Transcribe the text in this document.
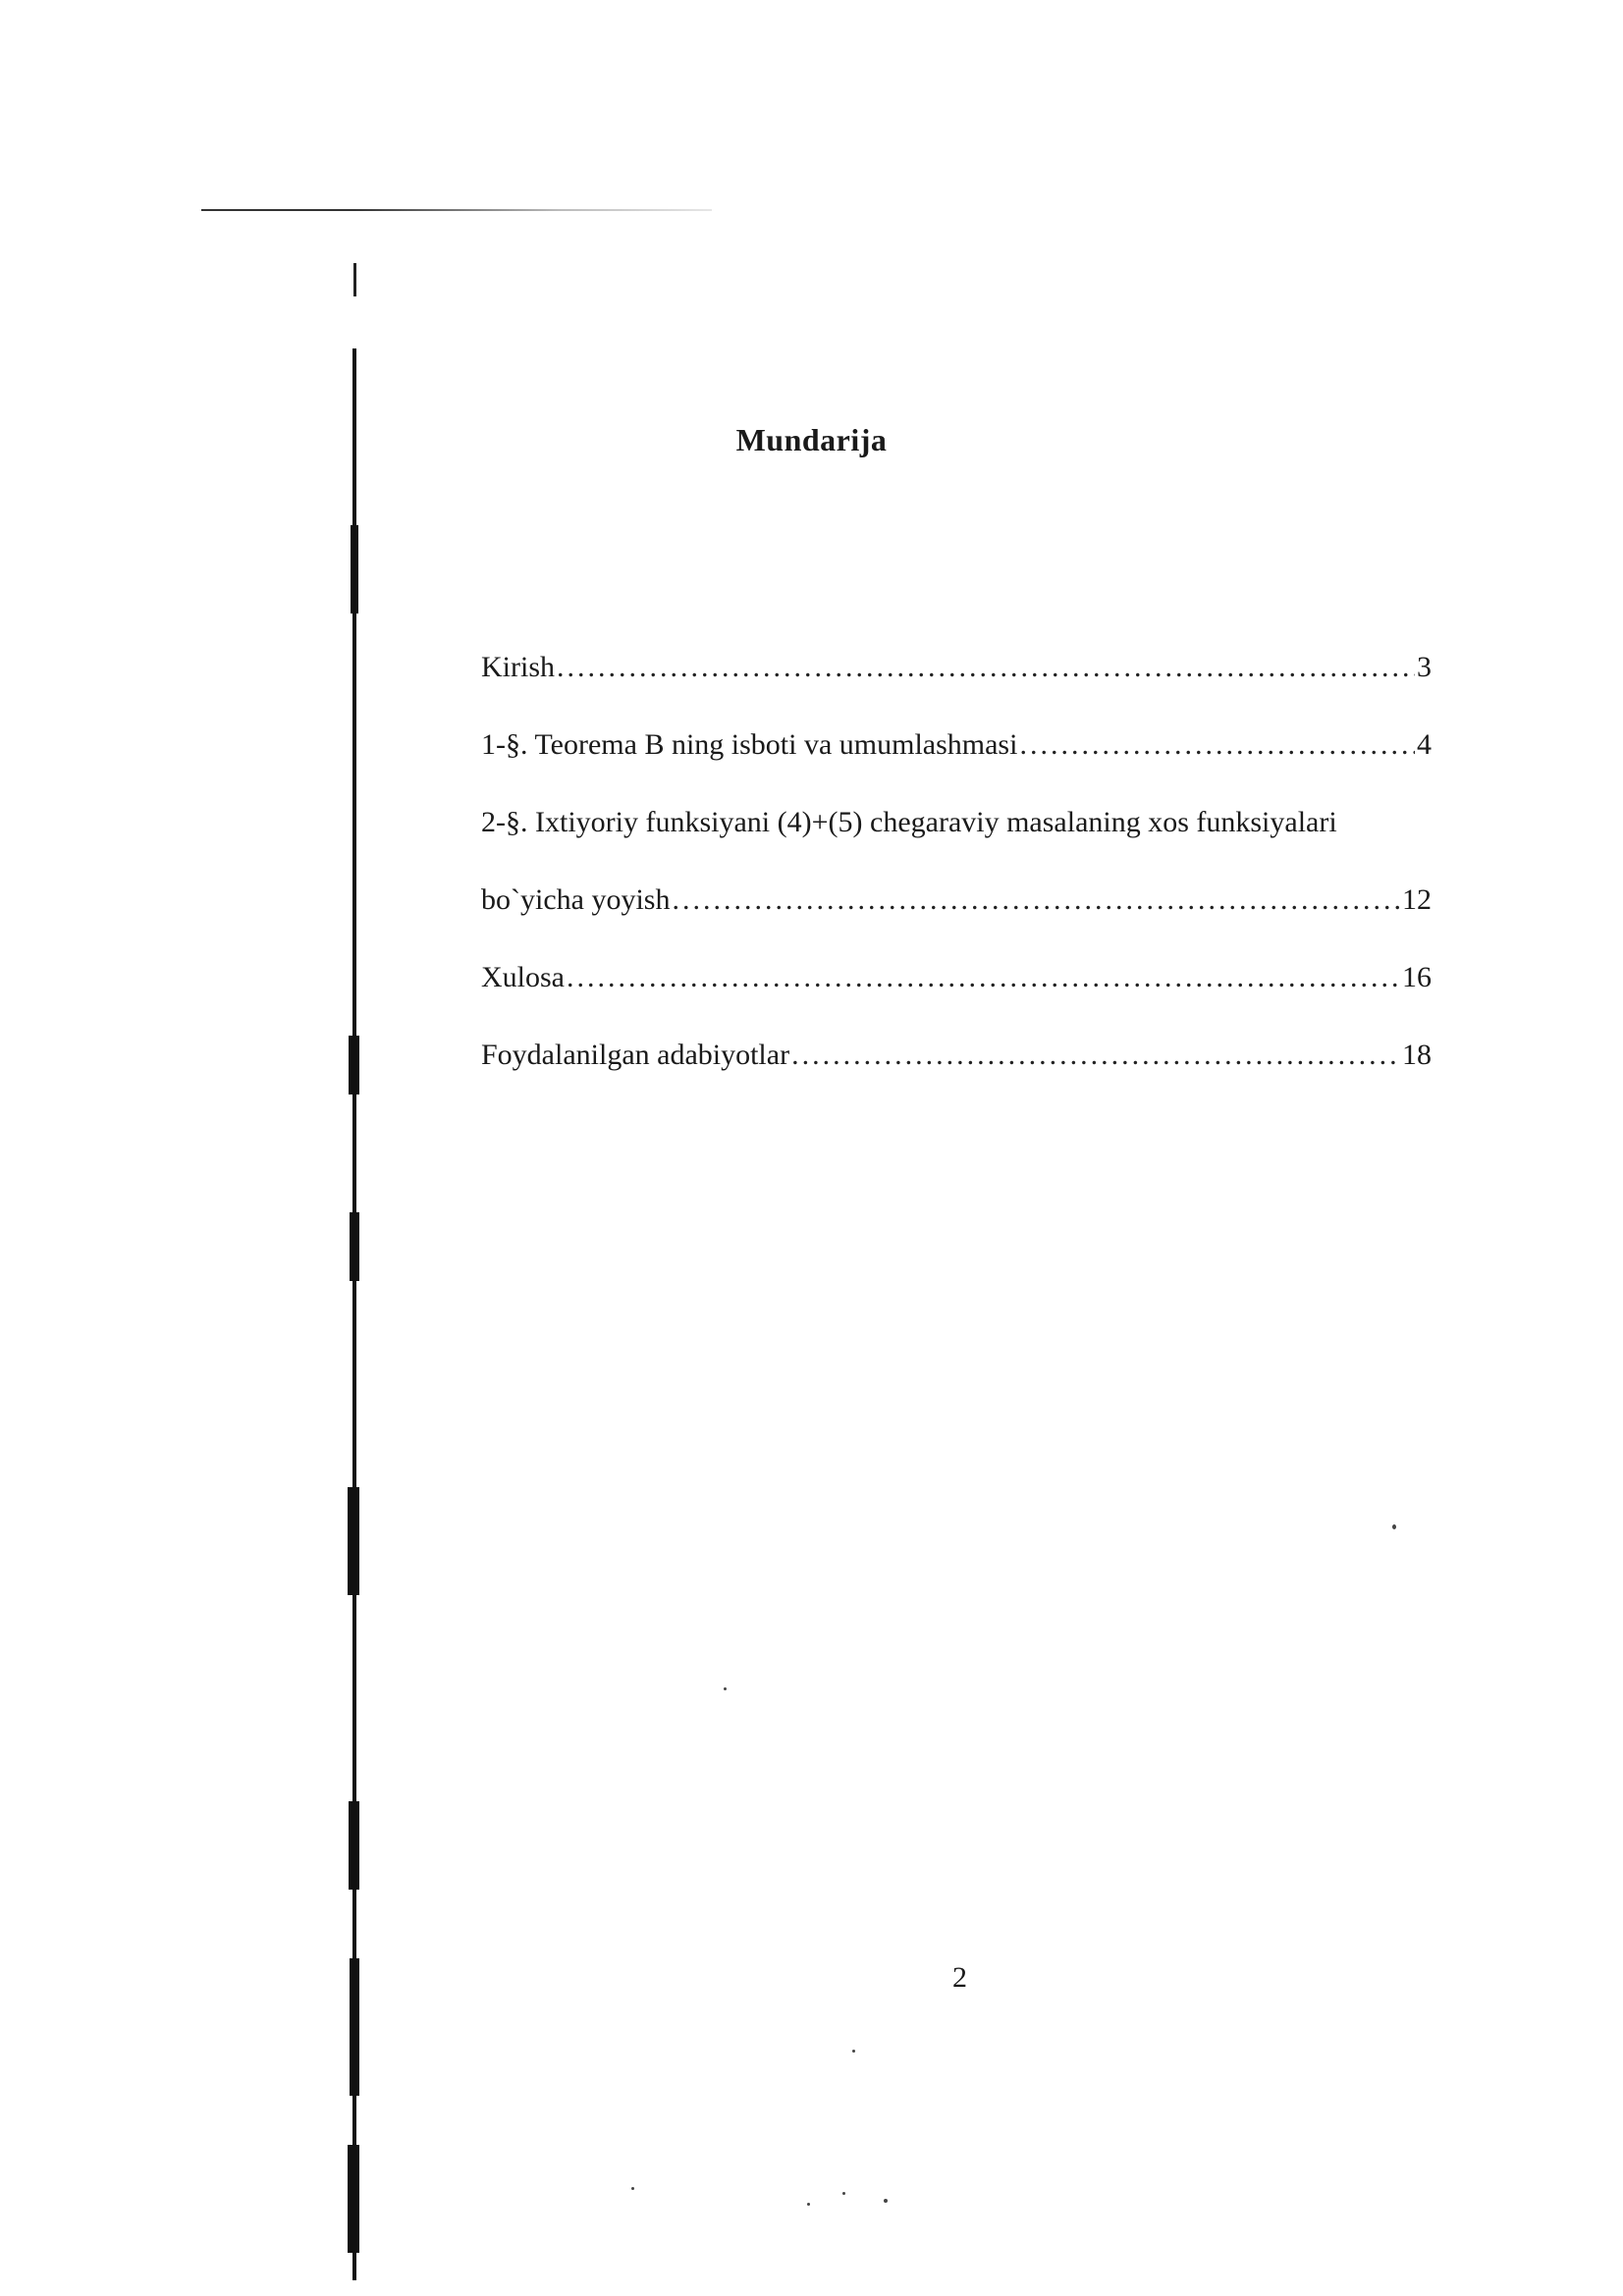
Mundarija
Kirish .....	3
1-§. Teorema B ning isboti va umumlashmasi .....	4
2-§. Ixtiyoriy funksiyani (4)+(5) chegaraviy masalaning xos funksiyalari
bo`yicha yoyish .....	12
Xulosa .....	16
Foydalanilgan adabiyotlar .....	18
2
